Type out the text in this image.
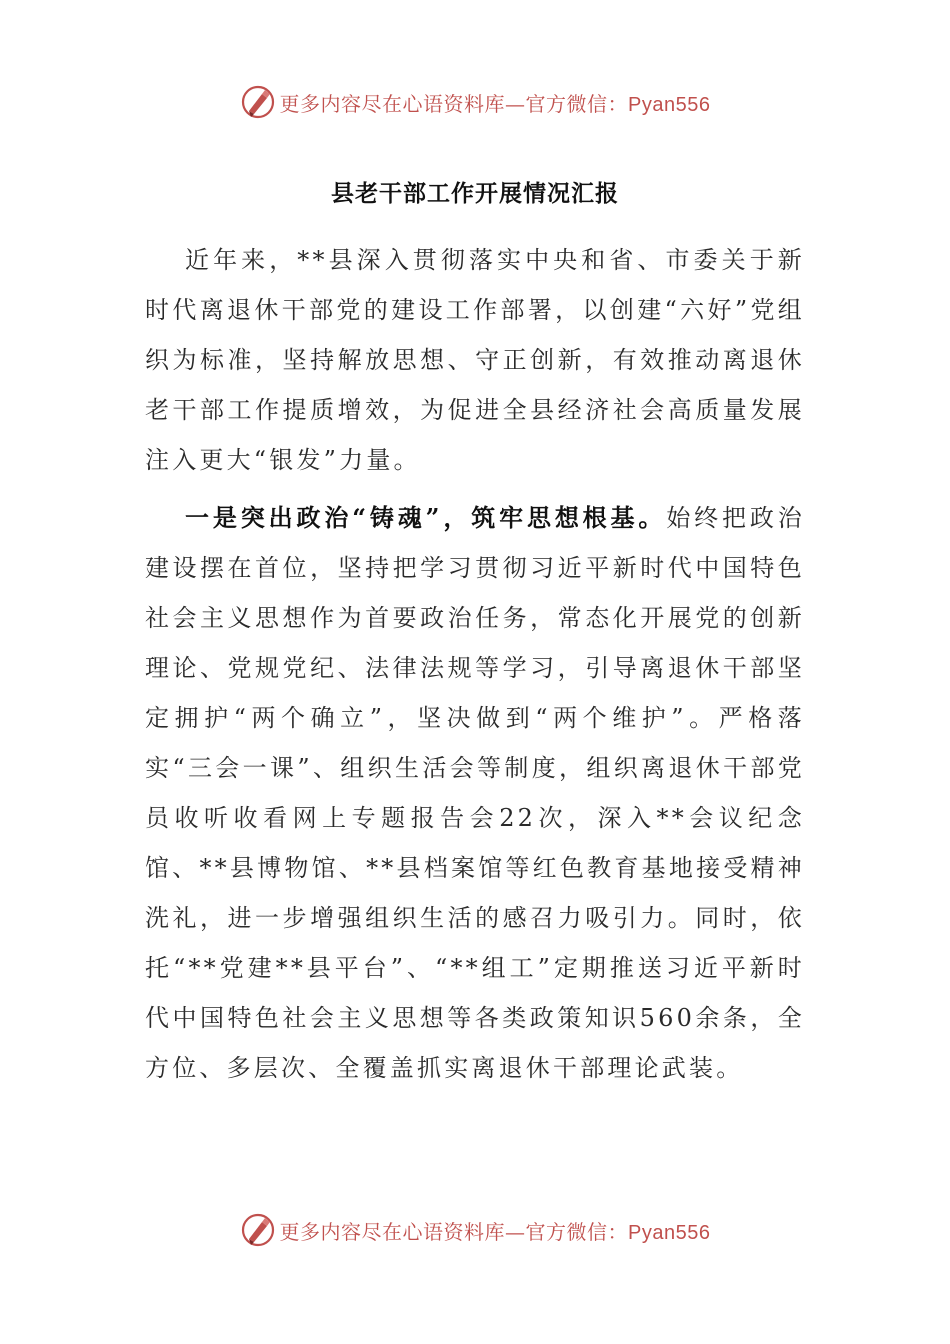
更多内容尽在心语资料库—官方微信：Pyan556
县老干部工作开展情况汇报

近年来，**县深入贯彻落实中央和省、市委关于新时代离退休干部党的建设工作部署，以创建“六好”党组织为标准，坚持解放思想、守正创新，有效推动离退休老干部工作提质增效，为促进全县经济社会高质量发展注入更大“银发”力量。

一是突出政治“铸魂”，筑牢思想根基。始终把政治建设摆在首位，坚持把学习贯彻习近平新时代中国特色社会主义思想作为首要政治任务，常态化开展党的创新理论、党规党纪、法律法规等学习，引导离退休干部坚定拥护“两个确立”，坚决做到“两个维护”。严格落实“三会一课”、组织生活会等制度，组织离退休干部党员收听收看网上专题报告会22次，深入**会议纪念馆、**县博物馆、**县档案馆等红色教育基地接受精神洗礼，进一步增强组织生活的感召力吸引力。同时，依托“**党建**县平台”、“**组工”定期推送习近平新时代中国特色社会主义思想等各类政策知识560余条，全方位、多层次、全覆盖抓实离退休干部理论武装。

更多内容尽在心语资料库—官方微信：Pyan556
